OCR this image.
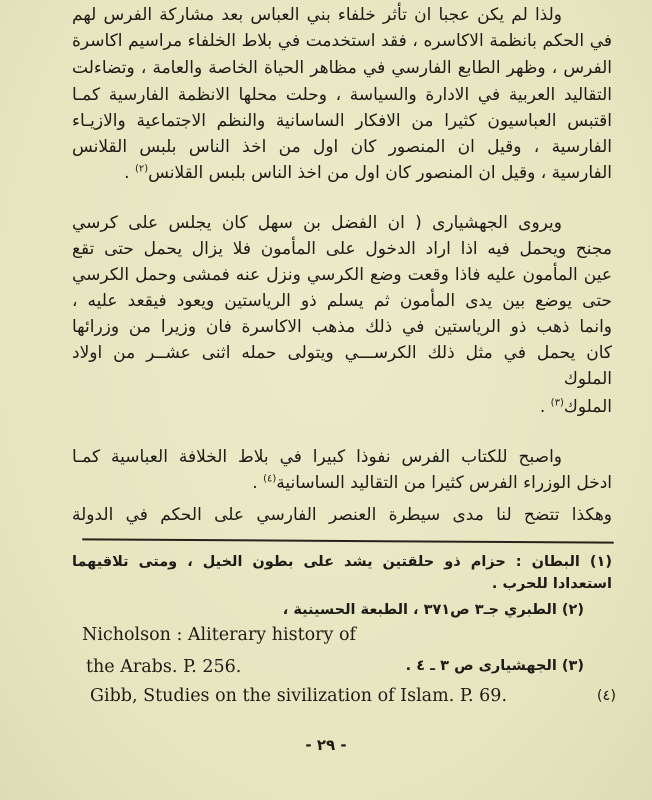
ولذا لم يكن عجبا ان تأثر خلفاء بني العباس بعد مشاركة الفرس لهم
في الحكم بانظمة الاكاسره ، فقد استخدمت في بلاط الخلفاء مراسيم اكاسرة
الفرس ، وظهر الطابع الفارسي في مظاهر الحياة الخاصة والعامة ، وتضاءلت
التقاليد العربية في الادارة والسياسة ، وحلت محلها الانظمة الفارسية كمـا
اقتبس العباسيون كثيرا من الافكار الساسانية والنظم الاجتماعية والازيـاء
الفارسية ، وقيل ان المنصور كان اول من اخذ الناس بلبس القلانس
الفارسية ، وقيل ان المنصور كان اول من اخذ الناس بلبس القلانس$^{(٢)}$ .
ويروى الجهشيارى ( ان الفضل بن سهل كان يجلس على كرسي
مجنح ويحمل فيه اذا اراد الدخول على المأمون فلا يزال يحمل حتى تقع
عين المأمون عليه فاذا وقعت وضع الكرسي ونزل عنه فمشى وحمل الكرسي
حتى يوضع بين يدى المأمون ثم يسلم ذو الرياستين ويعود فيقعد عليه ،
وانما ذهب ذو الرياستين في ذلك مذهب الاكاسرة فان وزيرا من وزرائها
كان يحمل في مثل ذلك الكرســـي ويتولى حمله اثنى عشــر من اولاد
الملوك
الملوك$^{(٣)}$ .
واصبح للكتاب الفرس نفوذا كبيرا في بلاط الخلافة العباسية كمـا
ادخل الوزراء الفرس كثيرا من التقاليد الساسانية$^{(٤)}$ .
وهكذا تتضح لنا مدى سيطرة العنصر الفارسي على الحكم في الدولة
(١) البطان : حزام ذو حلقتين يشد على بطون الخيل ، ومتى تلاقيهما
استعدادا للحرب .
(٢) الطبري جـ٣ ص٣٧١ ، الطبعة الحسينية ،
Nicholson : Aliterary history of
the Arabs. P. 256.	(٣) الجهشيارى ص ٣ ـ ٤ .
Gibb, Studies on the sivilization of Islam. P. 69.	(٤)
- ٢٩ -
